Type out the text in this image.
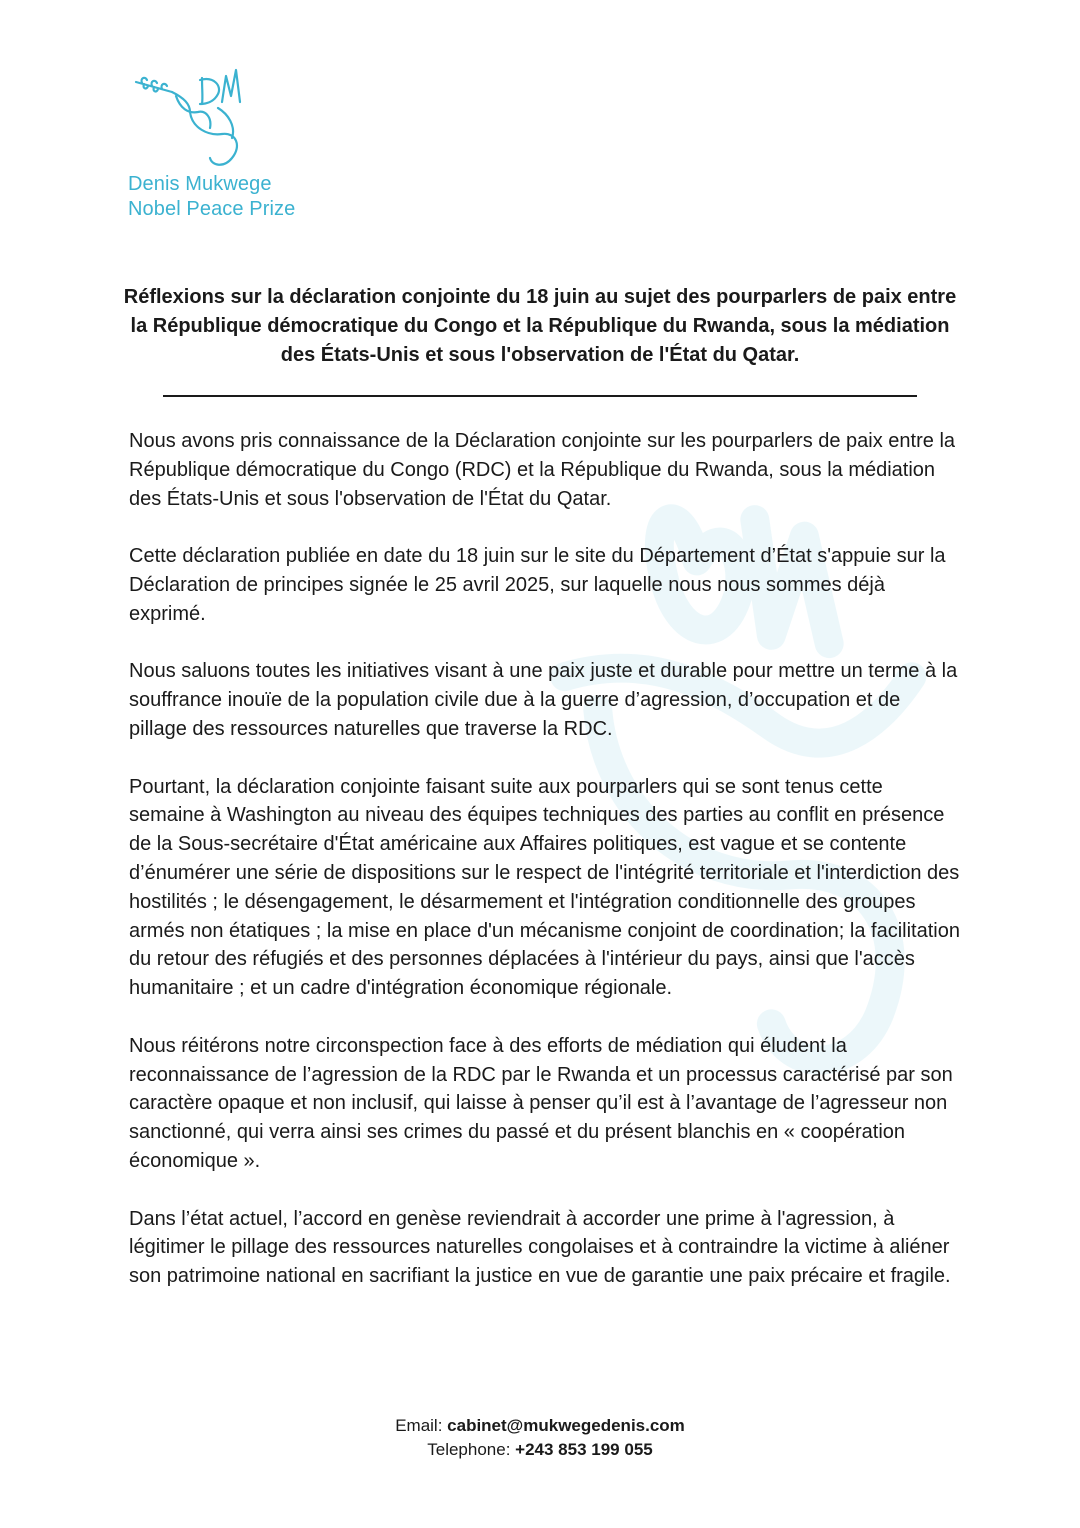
Denis Mukwege
Nobel Peace Prize
Réflexions sur la déclaration conjointe du 18 juin au sujet des pourparlers de paix entre la République démocratique du Congo et la République du Rwanda, sous la médiation des États-Unis et sous l'observation de l'État du Qatar.

Nous avons pris connaissance de la Déclaration conjointe sur les pourparlers de paix entre la République démocratique du Congo (RDC) et la République du Rwanda, sous la médiation des États-Unis et sous l'observation de l'État du Qatar.

Cette déclaration publiée en date du 18 juin sur le site du Département d’État s'appuie sur la Déclaration de principes signée le 25 avril 2025, sur laquelle nous nous sommes déjà exprimé.

Nous saluons toutes les initiatives visant à une paix juste et durable pour mettre un terme à la souffrance inouïe de la population civile due à la guerre d’agression, d’occupation et de pillage des ressources naturelles que traverse la RDC.

Pourtant, la déclaration conjointe faisant suite aux pourparlers qui se sont tenus cette semaine à Washington au niveau des équipes techniques des parties au conflit en présence de la Sous-secrétaire d'État américaine aux Affaires politiques, est vague et se contente d’énumérer une série de dispositions sur le respect de l'intégrité territoriale et l'interdiction des hostilités ; le désengagement, le désarmement et l'intégration conditionnelle des groupes armés non étatiques ; la mise en place d'un mécanisme conjoint de coordination; la facilitation du retour des réfugiés et des personnes déplacées à l'intérieur du pays, ainsi que l'accès humanitaire ; et un cadre d'intégration économique régionale.

Nous réitérons notre circonspection face à des efforts de médiation qui éludent la reconnaissance de l’agression de la RDC par le Rwanda et un processus caractérisé par son caractère opaque et non inclusif, qui laisse à penser qu’il est à l’avantage de l’agresseur non sanctionné, qui verra ainsi ses crimes du passé et du présent blanchis en « coopération économique ».

Dans l’état actuel, l’accord en genèse reviendrait à accorder une prime à l'agression, à légitimer le pillage des ressources naturelles congolaises et à contraindre la victime à aliéner son patrimoine national en sacrifiant la justice en vue de garantie une paix précaire et fragile.

Email: cabinet@mukwegedenis.com
Telephone: +243 853 199 055
